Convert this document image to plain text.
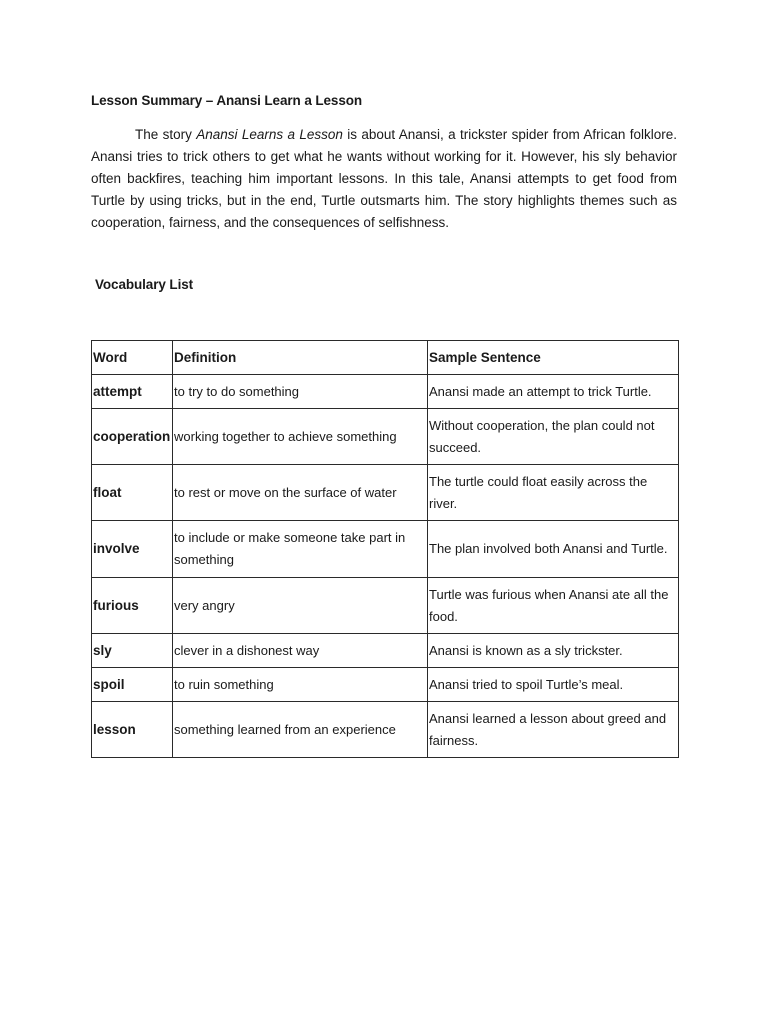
Lesson Summary – Anansi Learn a Lesson

The story Anansi Learns a Lesson is about Anansi, a trickster spider from African folklore. Anansi tries to trick others to get what he wants without working for it. However, his sly behavior often backfires, teaching him important lessons. In this tale, Anansi attempts to get food from Turtle by using tricks, but in the end, Turtle outsmarts him. The story highlights themes such as cooperation, fairness, and the consequences of selfishness.

Vocabulary List
Word	Definition	Sample Sentence
attempt	to try to do something	Anansi made an attempt to trick Turtle.
cooperation	working together to achieve something	Without cooperation, the plan could not succeed.
float	to rest or move on the surface of water	The turtle could float easily across the river.
involve	to include or make someone take part in something	The plan involved both Anansi and Turtle.
furious	very angry	Turtle was furious when Anansi ate all the food.
sly	clever in a dishonest way	Anansi is known as a sly trickster.
spoil	to ruin something	Anansi tried to spoil Turtle’s meal.
lesson	something learned from an experience	Anansi learned a lesson about greed and fairness.
